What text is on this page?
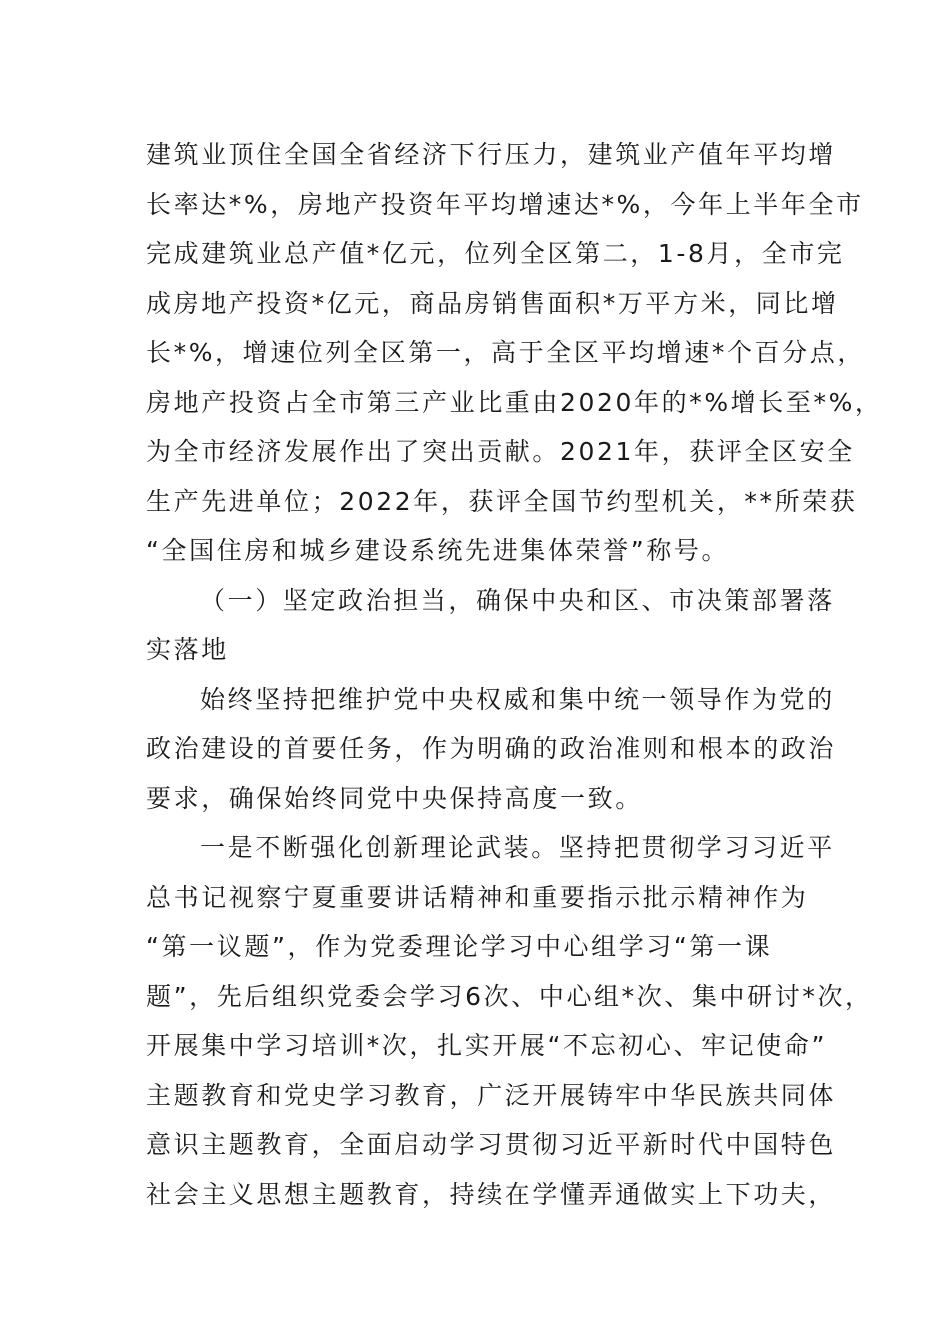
建筑业顶住全国全省经济下行压力，建筑业产值年平均增
长率达*%，房地产投资年平均增速达*%，今年上半年全市
完成建筑业总产值*亿元，位列全区第二，1-8月，全市完
成房地产投资*亿元，商品房销售面积*万平方米，同比增
长*%，增速位列全区第一，高于全区平均增速*个百分点，
房地产投资占全市第三产业比重由2020年的*%增长至*%，
为全市经济发展作出了突出贡献。2021年，获评全区安全
生产先进单位；2022年，获评全国节约型机关，**所荣获
“全国住房和城乡建设系统先进集体荣誉”称号。
（一）坚定政治担当，确保中央和区、市决策部署落
实落地
始终坚持把维护党中央权威和集中统一领导作为党的
政治建设的首要任务，作为明确的政治准则和根本的政治
要求，确保始终同党中央保持高度一致。
一是不断强化创新理论武装。坚持把贯彻学习习近平
总书记视察宁夏重要讲话精神和重要指示批示精神作为
“第一议题”，作为党委理论学习中心组学习“第一课
题”，先后组织党委会学习6次、中心组*次、集中研讨*次，
开展集中学习培训*次，扎实开展“不忘初心、牢记使命”
主题教育和党史学习教育，广泛开展铸牢中华民族共同体
意识主题教育，全面启动学习贯彻习近平新时代中国特色
社会主义思想主题教育，持续在学懂弄通做实上下功夫，
